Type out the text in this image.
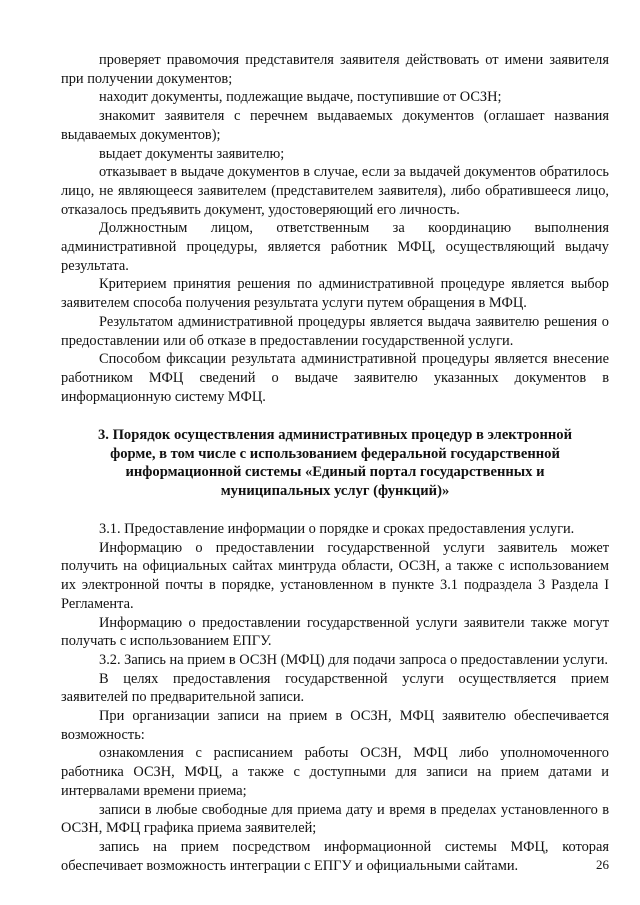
проверяет правомочия представителя заявителя действовать от имени заявителя при получении документов;

находит документы, подлежащие выдаче, поступившие от ОСЗН;

знакомит заявителя с перечнем выдаваемых документов (оглашает названия выдаваемых документов);

выдает документы заявителю;

отказывает в выдаче документов в случае, если за выдачей документов обратилось лицо, не являющееся заявителем (представителем заявителя), либо обратившееся лицо, отказалось предъявить документ, удостоверяющий его личность.

Должностным лицом, ответственным за координацию выполнения административной процедуры, является работник МФЦ, осуществляющий выдачу результата.

Критерием принятия решения по административной процедуре является выбор заявителем способа получения результата услуги путем обращения в МФЦ.

Результатом административной процедуры является выдача заявителю решения о предоставлении или об отказе в предоставлении государственной услуги.

Способом фиксации результата административной процедуры является внесение работником МФЦ сведений о выдаче заявителю указанных документов в информационную систему МФЦ.

3. Порядок осуществления административных процедур в электронной форме, в том числе с использованием федеральной государственной информационной системы «Единый портал государственных и муниципальных услуг (функций)»

3.1. Предоставление информации о порядке и сроках предоставления услуги.

Информацию о предоставлении государственной услуги заявитель может получить на официальных сайтах минтруда области, ОСЗН, а также с использованием их электронной почты в порядке, установленном в пункте 3.1 подраздела 3 Раздела I Регламента.

Информацию о предоставлении государственной услуги заявители также могут получать с использованием ЕПГУ.

3.2. Запись на прием в ОСЗН (МФЦ) для подачи запроса о предоставлении услуги.

В целях предоставления государственной услуги осуществляется прием заявителей по предварительной записи.

При организации записи на прием в ОСЗН, МФЦ заявителю обеспечивается возможность:

ознакомления с расписанием работы ОСЗН, МФЦ либо уполномоченного работника ОСЗН, МФЦ, а также с доступными для записи на прием датами и интервалами времени приема;

записи в любые свободные для приема дату и время в пределах установленного в ОСЗН, МФЦ графика приема заявителей;

запись на прием посредством информационной системы МФЦ, которая обеспечивает возможность интеграции с ЕПГУ и официальными сайтами.	26
